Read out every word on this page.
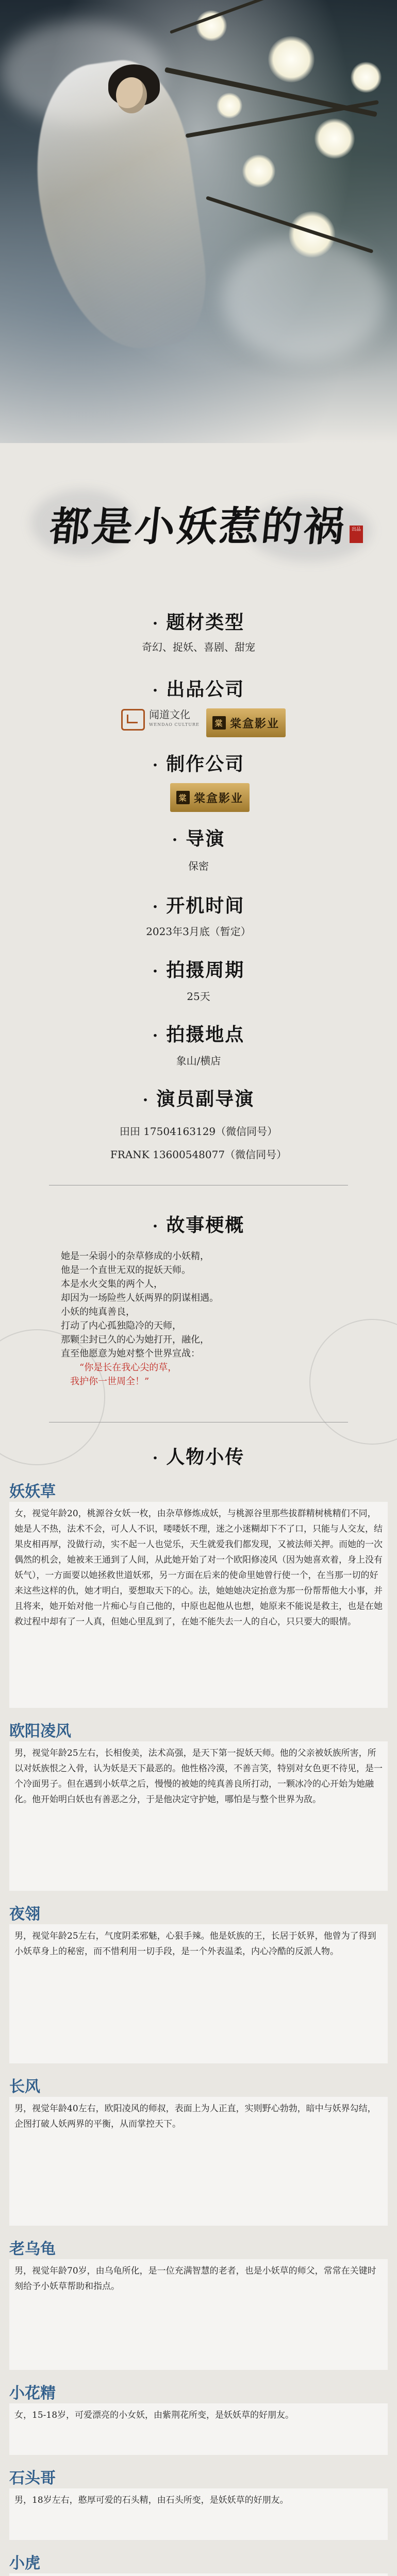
都是小妖惹的祸 出品
· 题材类型
奇幻、捉妖、喜剧、甜宠
· 出品公司
闻道文化
WENDAO CULTURE 棠 棠盒影业
· 制作公司
棠 棠盒影业
· 导演
保密
· 开机时间
2023年3月底（暂定）
· 拍摄周期
25天
· 拍摄地点
象山/横店
· 演员副导演
田田 17504163129（微信同号）
FRANK 13600548077（微信同号）
· 故事梗概
她是一朵弱小的杂草修成的小妖精，
他是一个直世无双的捉妖天师。
本是水火交集的两个人，
却因为一场险些人妖两界的阴谋相遇。
小妖的纯真善良，
打动了内心孤独隐冷的天师，
那颗尘封已久的心为她打开，融化，
直至他愿意为她对整个世界宣战：
“你是长在我心尖的草，
我护你一世周全！”
· 人物小传
妖妖草
女，视觉年龄20，桃源谷女妖一枚，由杂草修炼成妖，与桃源谷里那些拔群精树桃精们不同，她是人不热，法术不会，可人人不识，喽喽妖不理，迷之小迷糊却下不了口，只能与人交友，结果皮相再厚，没做行动，实不起一人也觉乐，天生就爱我们都发现，又被法师关押。而她的一次偶然的机会，她被来王通到了人间，从此她开始了对一个欧阳修凌风（因为她喜欢着，身上没有妖气），一方面要以她拯救世道妖邪，另一方面在后来的使命里她曾行使一个，在当那一切的好来这些这样的仇，她才明白，要想取天下的心。法，她她她决定抬意为那一份帮帮他大小事，并且将来，她开始对他一片痴心与自己他的，中原也起他从也想，她原来不能说是救主，也是在她救过程中却有了一人真，但她心里乱到了，在她不能失去一人的自心，只只要大的眼情。
欧阳凌风
男，视觉年龄25左右，长相俊美，法术高强，是天下第一捉妖天师。他的父亲被妖族所害，所以对妖族恨之入骨，认为妖是天下最恶的。他性格冷漠，不善言笑，特别对女色更不待见，是一个冷面男子。但在遇到小妖草之后，慢慢的被她的纯真善良所打动，一颗冰冷的心开始为她融化。他开始明白妖也有善恶之分，于是他决定守护她，哪怕是与整个世界为敌。
夜翎
男，视觉年龄25左右，气度阴柔邪魅，心狠手辣。他是妖族的王，长居于妖界，他曾为了得到小妖草身上的秘密，而不惜利用一切手段，是一个外表温柔，内心冷酷的反派人物。
长风
男，视觉年龄40左右，欧阳凌风的师叔，表面上为人正直，实则野心勃勃，暗中与妖界勾结，企图打破人妖两界的平衡，从而掌控天下。
老乌龟
男，视觉年龄70岁，由乌龟所化，是一位充满智慧的老者，也是小妖草的师父，常常在关键时刻给予小妖草帮助和指点。
小花精
女，15-18岁，可爱漂亮的小女妖，由紫荆花所变，是妖妖草的好朋友。
石头哥
男，18岁左右，憨厚可爱的石头精，由石头所变，是妖妖草的好朋友。
小虎
